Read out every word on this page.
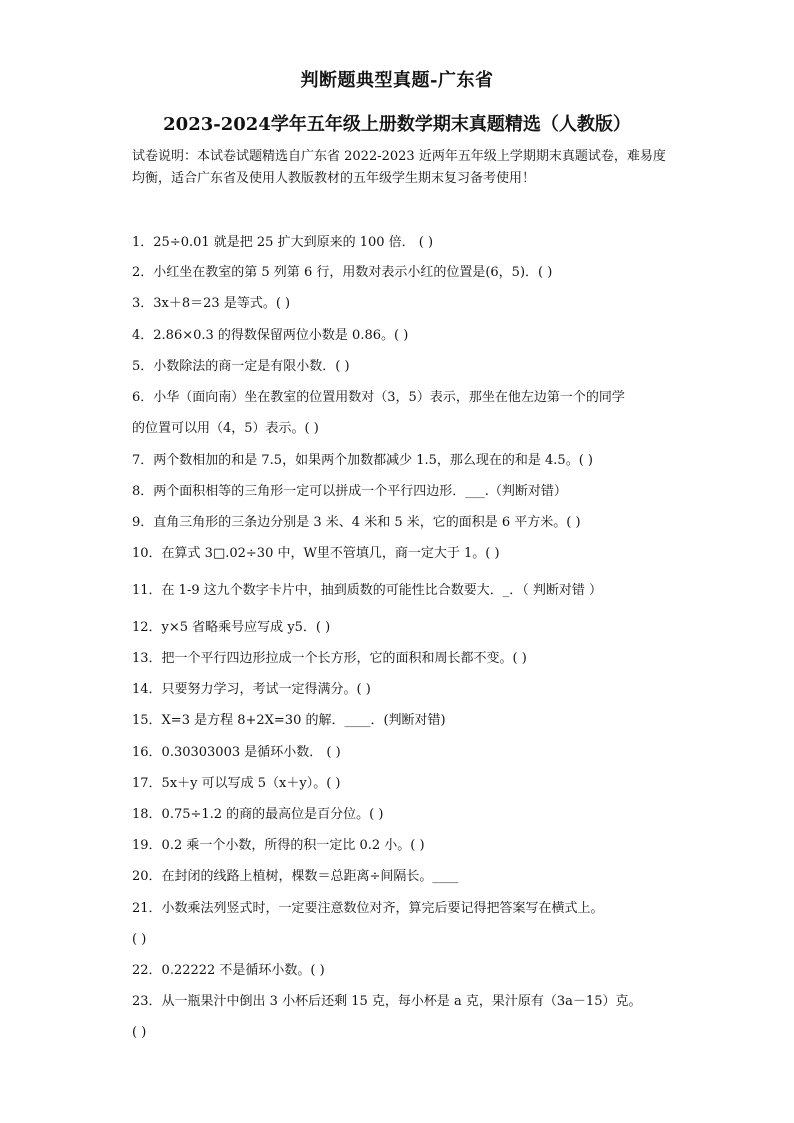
判断题典型真题-广东省
2023-2024学年五年级上册数学期末真题精选（人教版）
试卷说明：本试卷试题精选自广东省 2022-2023 近两年五年级上学期期末真题试卷，难易度均衡，适合广东省及使用人教版教材的五年级学生期末复习备考使用！
1．25÷0.01 就是把 25 扩大到原来的 100 倍． ( )
2．小红坐在教室的第 5 列第 6 行，用数对表示小红的位置是(6，5)．( )
3．3x＋8＝23 是等式。( )
4．2.86×0.3 的得数保留两位小数是 0.86。( )
5．小数除法的商一定是有限小数．( )
6．小华（面向南）坐在教室的位置用数对（3，5）表示，那坐在他左边第一个的同学
的位置可以用（4，5）表示。( )
7．两个数相加的和是 7.5，如果两个加数都减少 1.5，那么现在的和是 4.5。( )
8．两个面积相等的三角形一定可以拼成一个平行四边形．___.（判断对错）
9．直角三角形的三条边分别是 3 米、4 米和 5 米，它的面积是 6 平方米。( )
10．在算式 3□.02÷30 中，W里不管填几，商一定大于 1。( )
11．在 1-9 这九个数字卡片中，抽到质数的可能性比合数要大．_．（ 判断对错 ）
12．y×5 省略乘号应写成 y5．( )
13．把一个平行四边形拉成一个长方形，它的面积和周长都不变。( )
14．只要努力学习，考试一定得满分。( )
15．X=3 是方程 8+2X=30 的解．____．(判断对错)
16．0.30303003 是循环小数． ( )
17．5x＋y 可以写成 5（x＋y）。( )
18．0.75÷1.2 的商的最高位是百分位。( )
19．0.2 乘一个小数，所得的积一定比 0.2 小。( )
20．在封闭的线路上植树，棵数＝总距离÷间隔长。____
21．小数乘法列竖式时，一定要注意数位对齐，算完后要记得把答案写在横式上。
( )
22．0.22222 不是循环小数。( )
23．从一瓶果汁中倒出 3 小杯后还剩 15 克，每小杯是 a 克，果汁原有（3a－15）克。
( )
